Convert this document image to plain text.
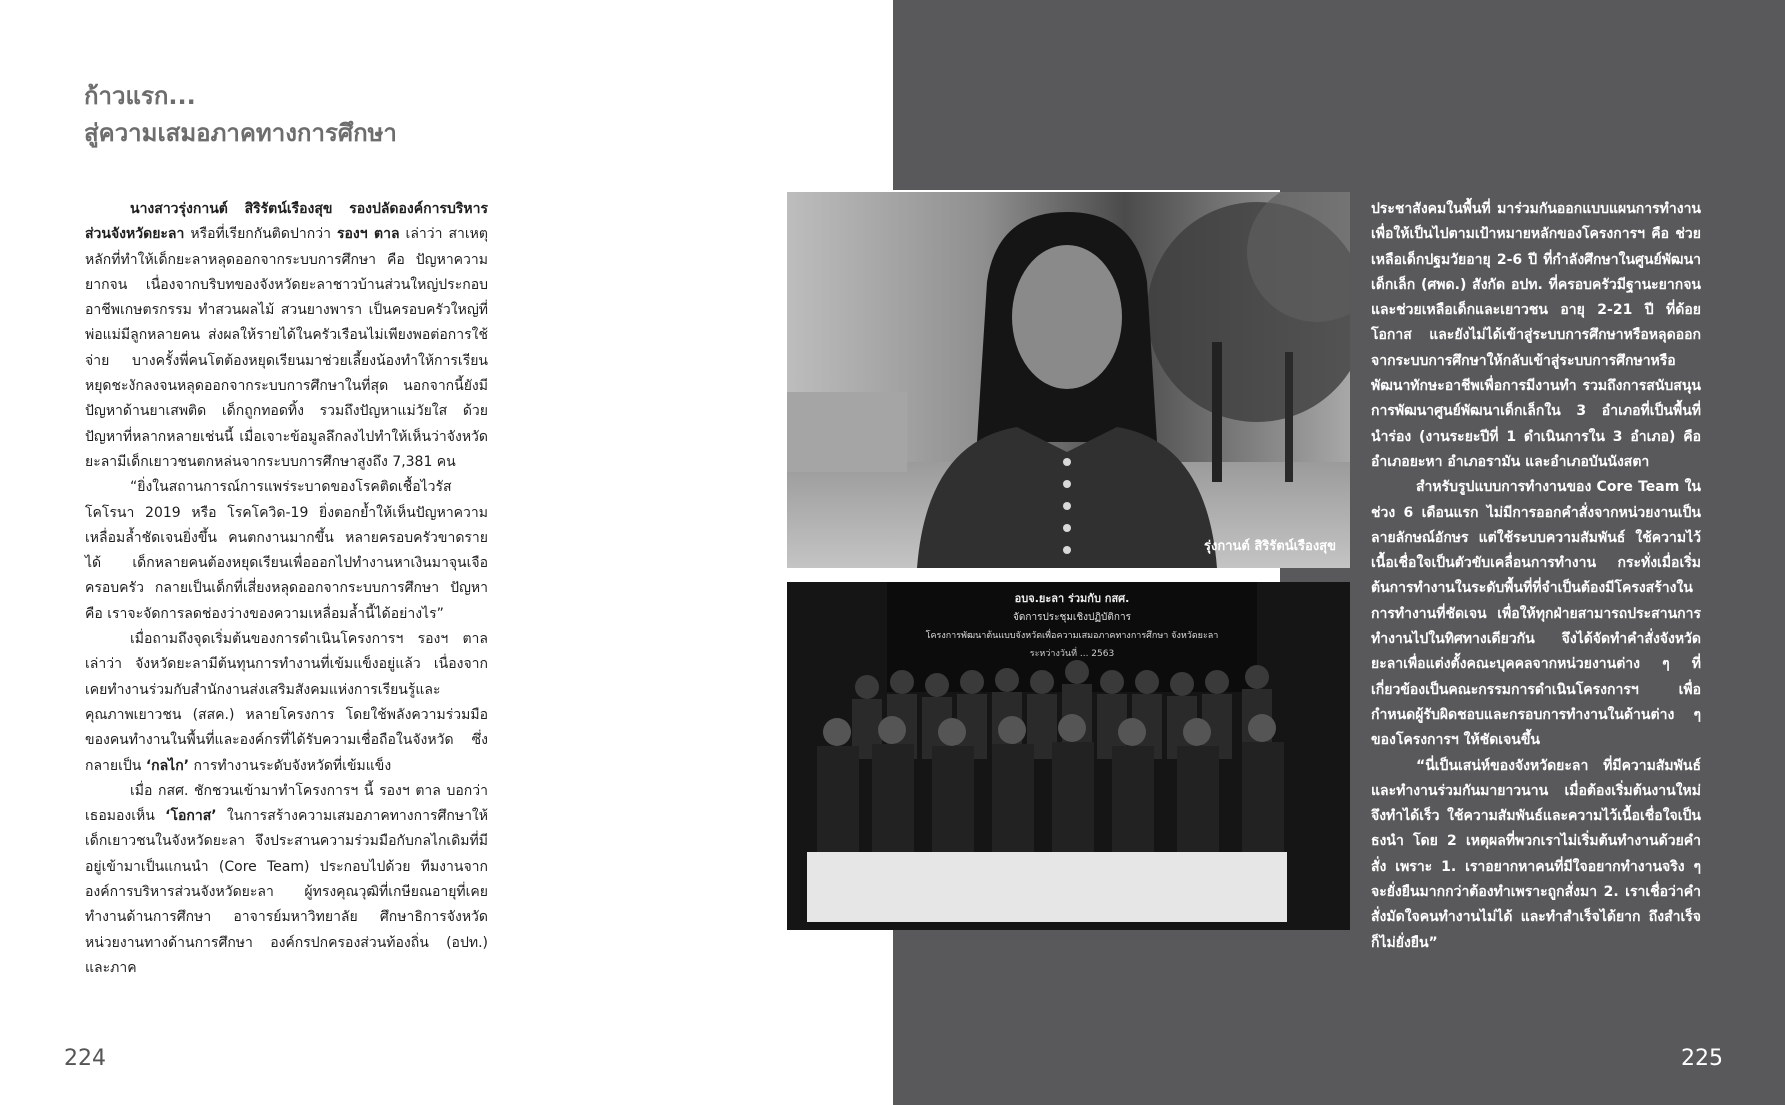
ก้าวแรก...
สู่ความเสมอภาคทางการศึกษา

นางสาวรุ่งกานต์ สิริรัตน์เรืองสุข รองปลัดองค์การบริหารส่วนจังหวัดยะลา หรือที่เรียกกันติดปากว่า รองฯ ตาล เล่าว่า สาเหตุหลักที่ทำให้เด็กยะลาหลุดออกจากระบบการศึกษา คือ ปัญหาความยากจน เนื่องจากบริบทของจังหวัดยะลาชาวบ้านส่วนใหญ่ประกอบอาชีพเกษตรกรรม ทำสวนผลไม้ สวนยางพารา เป็นครอบครัวใหญ่ที่พ่อแม่มีลูกหลายคน ส่งผลให้รายได้ในครัวเรือนไม่เพียงพอต่อการใช้จ่าย บางครั้งพี่คนโตต้องหยุดเรียนมาช่วยเลี้ยงน้องทำให้การเรียนหยุดชะงักลงจนหลุดออกจากระบบการศึกษาในที่สุด นอกจากนี้ยังมีปัญหาด้านยาเสพติด เด็กถูกทอดทิ้ง รวมถึงปัญหาแม่วัยใส ด้วยปัญหาที่หลากหลายเช่นนี้ เมื่อเจาะข้อมูลลึกลงไปทำให้เห็นว่าจังหวัดยะลามีเด็กเยาวชนตกหล่นจากระบบการศึกษาสูงถึง 7,381 คน

“ยิ่งในสถานการณ์การแพร่ระบาดของโรคติดเชื้อไวรัสโคโรนา 2019 หรือ โรคโควิด-19 ยิ่งตอกย้ำให้เห็นปัญหาความเหลื่อมล้ำชัดเจนยิ่งขึ้น คนตกงานมากขึ้น หลายครอบครัวขาดรายได้ เด็กหลายคนต้องหยุดเรียนเพื่อออกไปทำงานหาเงินมาจุนเจือครอบครัว กลายเป็นเด็กที่เสี่ยงหลุดออกจากระบบการศึกษา ปัญหาคือ เราจะจัดการลดช่องว่างของความเหลื่อมล้ำนี้ได้อย่างไร”

เมื่อถามถึงจุดเริ่มต้นของการดำเนินโครงการฯ รองฯ ตาล เล่าว่า จังหวัดยะลามีต้นทุนการทำงานที่เข้มแข็งอยู่แล้ว เนื่องจากเคยทำงานร่วมกับสำนักงานส่งเสริมสังคมแห่งการเรียนรู้และคุณภาพเยาวชน (สสค.) หลายโครงการ โดยใช้พลังความร่วมมือของคนทำงานในพื้นที่และองค์กรที่ได้รับความเชื่อถือในจังหวัด ซึ่งกลายเป็น ‘กลไก’ การทำงานระดับจังหวัดที่เข้มแข็ง

เมื่อ กสศ. ชักชวนเข้ามาทำโครงการฯ นี้ รองฯ ตาล บอกว่าเธอมองเห็น ‘โอกาส’ ในการสร้างความเสมอภาคทางการศึกษาให้เด็กเยาวชนในจังหวัดยะลา จึงประสานความร่วมมือกับกลไกเดิมที่มีอยู่เข้ามาเป็นแกนนำ (Core Team) ประกอบไปด้วย ทีมงานจากองค์การบริหารส่วนจังหวัดยะลา ผู้ทรงคุณวุฒิที่เกษียณอายุที่เคยทำงานด้านการศึกษา อาจารย์มหาวิทยาลัย ศึกษาธิการจังหวัด หน่วยงานทางด้านการศึกษา องค์กรปกครองส่วนท้องถิ่น (อปท.) และภาค

รุ่งกานต์ สิริรัตน์เรืองสุข
อบจ.ยะลา ร่วมกับ กสศ.
จัดการประชุมเชิงปฏิบัติการ
โครงการพัฒนาต้นแบบจังหวัดเพื่อความเสมอภาคทางการศึกษา จังหวัดยะลา
ระหว่างวันที่ ... 2563

ประชาสังคมในพื้นที่ มาร่วมกันออกแบบแผนการทำงานเพื่อให้เป็นไปตามเป้าหมายหลักของโครงการฯ คือ ช่วยเหลือเด็กปฐมวัยอายุ 2-6 ปี ที่กำลังศึกษาในศูนย์พัฒนาเด็กเล็ก (ศพด.) สังกัด อปท. ที่ครอบครัวมีฐานะยากจน และช่วยเหลือเด็กและเยาวชน อายุ 2-21 ปี ที่ด้อยโอกาส และยังไม่ได้เข้าสู่ระบบการศึกษาหรือหลุดออกจากระบบการศึกษาให้กลับเข้าสู่ระบบการศึกษาหรือพัฒนาทักษะอาชีพเพื่อการมีงานทำ รวมถึงการสนับสนุนการพัฒนาศูนย์พัฒนาเด็กเล็กใน 3 อำเภอที่เป็นพื้นที่นำร่อง (งานระยะปีที่ 1 ดำเนินการใน 3 อำเภอ) คือ อำเภอยะหา อำเภอรามัน และอำเภอบันนังสตา

สำหรับรูปแบบการทำงานของ Core Team ในช่วง 6 เดือนแรก ไม่มีการออกคำสั่งจากหน่วยงานเป็นลายลักษณ์อักษร แต่ใช้ระบบความสัมพันธ์ ใช้ความไว้เนื้อเชื่อใจเป็นตัวขับเคลื่อนการทำงาน กระทั่งเมื่อเริ่มต้นการทำงานในระดับพื้นที่ที่จำเป็นต้องมีโครงสร้างในการทำงานที่ชัดเจน เพื่อให้ทุกฝ่ายสามารถประสานการทำงานไปในทิศทางเดียวกัน จึงได้จัดทำคำสั่งจังหวัดยะลาเพื่อแต่งตั้งคณะบุคคลจากหน่วยงานต่าง ๆ ที่เกี่ยวข้องเป็นคณะกรรมการดำเนินโครงการฯ เพื่อกำหนดผู้รับผิดชอบและกรอบการทำงานในด้านต่าง ๆ ของโครงการฯ ให้ชัดเจนขึ้น

“นี่เป็นเสน่ห์ของจังหวัดยะลา ที่มีความสัมพันธ์และทำงานร่วมกันมายาวนาน เมื่อต้องเริ่มต้นงานใหม่จึงทำได้เร็ว ใช้ความสัมพันธ์และความไว้เนื้อเชื่อใจเป็นธงนำ โดย 2 เหตุผลที่พวกเราไม่เริ่มต้นทำงานด้วยคำสั่ง เพราะ 1. เราอยากหาคนที่มีใจอยากทำงานจริง ๆ จะยั่งยืนมากกว่าต้องทำเพราะถูกสั่งมา 2. เราเชื่อว่าคำสั่งมัดใจคนทำงานไม่ได้ และทำสำเร็จได้ยาก ถึงสำเร็จก็ไม่ยั่งยืน”

224	225
